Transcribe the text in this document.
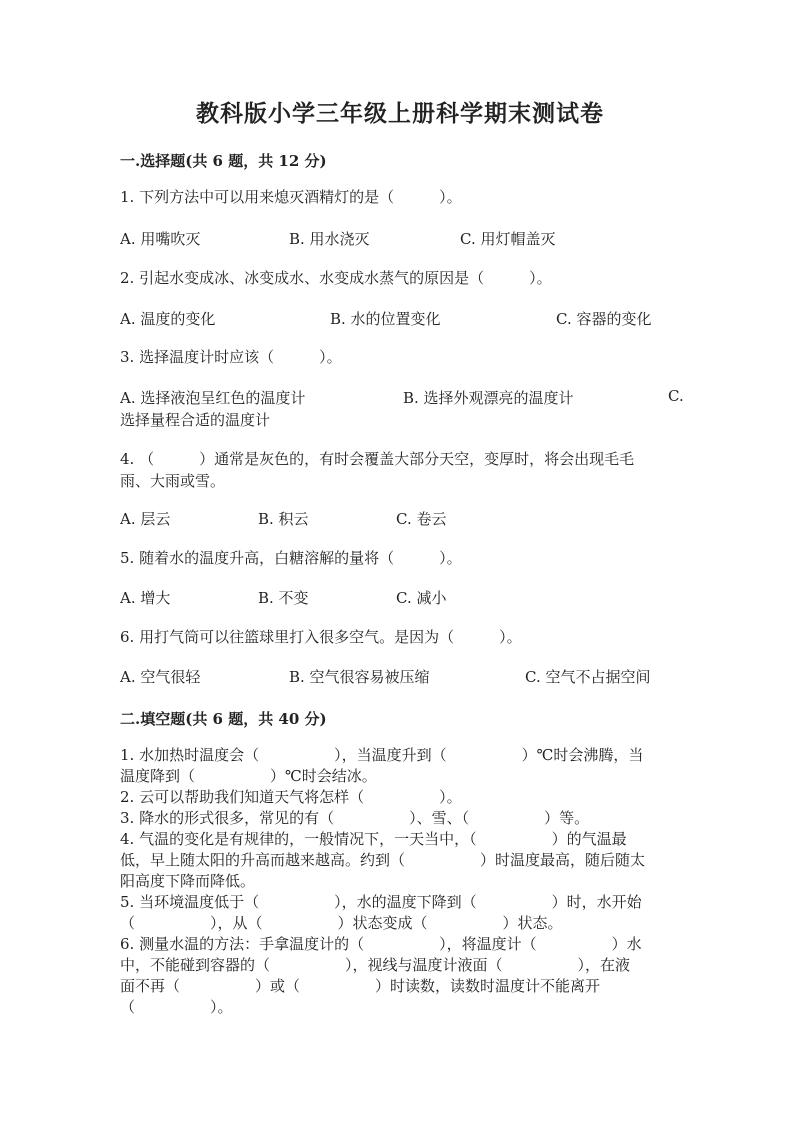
教科版小学三年级上册科学期末测试卷
一.选择题(共 6 题，共 12 分)
1. 下列方法中可以用来熄灭酒精灯的是（　　　）。
A. 用嘴吹灭	B. 用水浇灭	C. 用灯帽盖灭
2. 引起水变成冰、冰变成水、水变成水蒸气的原因是（　　　）。
A. 温度的变化	B. 水的位置变化	C. 容器的变化
3. 选择温度计时应该（　　　）。
A. 选择液泡呈红色的温度计	B. 选择外观漂亮的温度计	C.
选择量程合适的温度计
4. （　　　）通常是灰色的，有时会覆盖大部分天空，变厚时，将会出现毛毛
雨、大雨或雪。
A. 层云	B. 积云	C. 卷云
5. 随着水的温度升高，白糖溶解的量将（　　　）。
A. 增大	B. 不变	C. 减小
6. 用打气筒可以往篮球里打入很多空气。是因为（　　　）。
A. 空气很轻	B. 空气很容易被压缩	C. 空气不占据空间
二.填空题(共 6 题，共 40 分)
1. 水加热时温度会（　　　　　），当温度升到（　　　　　）℃时会沸腾，当
温度降到（　　　　　）℃时会结冰。
2. 云可以帮助我们知道天气将怎样（　　　　　）。
3. 降水的形式很多，常见的有（　　　　　）、雪、（　　　　　）等。
4. 气温的变化是有规律的，一般情况下，一天当中，（　　　　　）的气温最
低，早上随太阳的升高而越来越高。约到（　　　　　）时温度最高，随后随太
阳高度下降而降低。
5. 当环境温度低于（　　　　　），水的温度下降到（　　　　　）时，水开始
（　　　　　），从（　　　　　）状态变成（　　　　　）状态。
6. 测量水温的方法：手拿温度计的（　　　　　），将温度计（　　　　　）水
中，不能碰到容器的（　　　　　），视线与温度计液面（　　　　　），在液
面不再（　　　　　）或（　　　　　）时读数，读数时温度计不能离开
（　　　　　）。
